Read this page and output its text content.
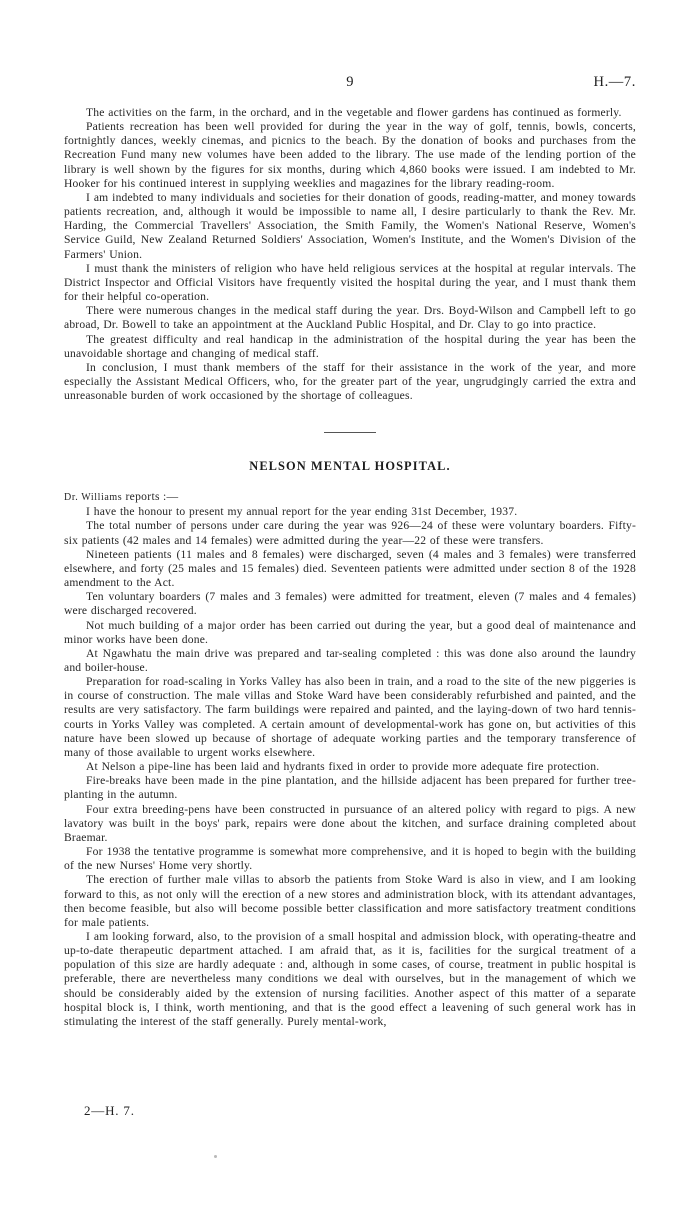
9	H.—7.

The activities on the farm, in the orchard, and in the vegetable and flower gardens has continued as formerly.

Patients recreation has been well provided for during the year in the way of golf, tennis, bowls, concerts, fortnightly dances, weekly cinemas, and picnics to the beach. By the donation of books and purchases from the Recreation Fund many new volumes have been added to the library. The use made of the lending portion of the library is well shown by the figures for six months, during which 4,860 books were issued. I am indebted to Mr. Hooker for his continued interest in supplying weeklies and magazines for the library reading-room.

I am indebted to many individuals and societies for their donation of goods, reading-matter, and money towards patients recreation, and, although it would be impossible to name all, I desire particularly to thank the Rev. Mr. Harding, the Commercial Travellers' Association, the Smith Family, the Women's National Reserve, Women's Service Guild, New Zealand Returned Soldiers' Association, Women's Institute, and the Women's Division of the Farmers' Union.

I must thank the ministers of religion who have held religious services at the hospital at regular intervals. The District Inspector and Official Visitors have frequently visited the hospital during the year, and I must thank them for their helpful co-operation.

There were numerous changes in the medical staff during the year. Drs. Boyd-Wilson and Campbell left to go abroad, Dr. Bowell to take an appointment at the Auckland Public Hospital, and Dr. Clay to go into practice.

The greatest difficulty and real handicap in the administration of the hospital during the year has been the unavoidable shortage and changing of medical staff.

In conclusion, I must thank members of the staff for their assistance in the work of the year, and more especially the Assistant Medical Officers, who, for the greater part of the year, ungrudgingly carried the extra and unreasonable burden of work occasioned by the shortage of colleagues.

NELSON MENTAL HOSPITAL.

Dr. Williams reports :—

I have the honour to present my annual report for the year ending 31st December, 1937.

The total number of persons under care during the year was 926—24 of these were voluntary boarders. Fifty-six patients (42 males and 14 females) were admitted during the year—22 of these were transfers.

Nineteen patients (11 males and 8 females) were discharged, seven (4 males and 3 females) were transferred elsewhere, and forty (25 males and 15 females) died. Seventeen patients were admitted under section 8 of the 1928 amendment to the Act.

Ten voluntary boarders (7 males and 3 females) were admitted for treatment, eleven (7 males and 4 females) were discharged recovered.

Not much building of a major order has been carried out during the year, but a good deal of maintenance and minor works have been done.

At Ngawhatu the main drive was prepared and tar-sealing completed : this was done also around the laundry and boiler-house.

Preparation for road-scaling in Yorks Valley has also been in train, and a road to the site of the new piggeries is in course of construction. The male villas and Stoke Ward have been considerably refurbished and painted, and the results are very satisfactory. The farm buildings were repaired and painted, and the laying-down of two hard tennis-courts in Yorks Valley was completed. A certain amount of developmental-work has gone on, but activities of this nature have been slowed up because of shortage of adequate working parties and the temporary transference of many of those available to urgent works elsewhere.

At Nelson a pipe-line has been laid and hydrants fixed in order to provide more adequate fire protection.

Fire-breaks have been made in the pine plantation, and the hillside adjacent has been prepared for further tree-planting in the autumn.

Four extra breeding-pens have been constructed in pursuance of an altered policy with regard to pigs. A new lavatory was built in the boys' park, repairs were done about the kitchen, and surface draining completed about Braemar.

For 1938 the tentative programme is somewhat more comprehensive, and it is hoped to begin with the building of the new Nurses' Home very shortly.

The erection of further male villas to absorb the patients from Stoke Ward is also in view, and I am looking forward to this, as not only will the erection of a new stores and administration block, with its attendant advantages, then become feasible, but also will become possible better classification and more satisfactory treatment conditions for male patients.

I am looking forward, also, to the provision of a small hospital and admission block, with operating-theatre and up-to-date therapeutic department attached. I am afraid that, as it is, facilities for the surgical treatment of a population of this size are hardly adequate : and, although in some cases, of course, treatment in public hospital is preferable, there are nevertheless many conditions we deal with ourselves, but in the management of which we should be considerably aided by the extension of nursing facilities. Another aspect of this matter of a separate hospital block is, I think, worth mentioning, and that is the good effect a leavening of such general work has in stimulating the interest of the staff generally. Purely mental-work,

2—H. 7.
